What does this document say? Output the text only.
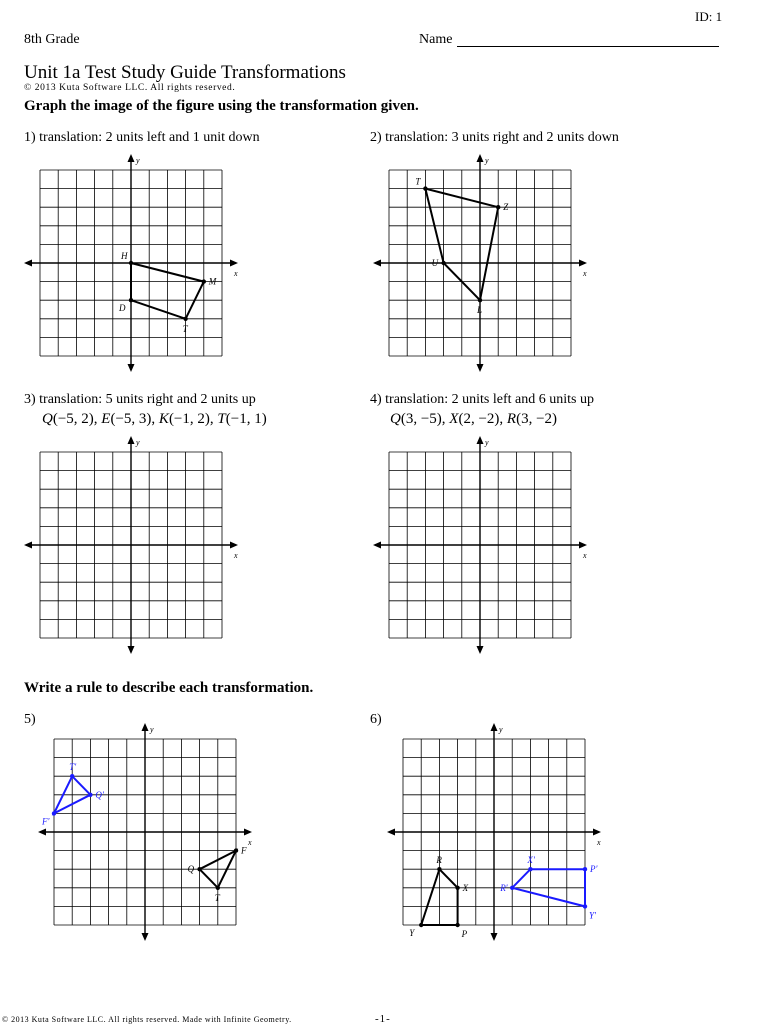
ID: 1
8th Grade	Name
Unit 1a Test Study Guide Transformations
© 2013 Kuta Software LLC. All rights reserved.
Graph the image of the figure using the transformation given.
1) translation: 2 units left and 1 unit down	2) translation: 3 units right and 2 units down
3) translation: 5 units right and 2 units up
Q(−5, 2), E(−5, 3), K(−1, 2), T(−1, 1)
4) translation: 2 units left and 6 units up
Q(3, −5), X(2, −2), R(3, −2)
Write a rule to describe each transformation.
5)	6)
x
y
H
M
T
D
x
y
T
Z
L
U
x
y
x
y
x
y
T'
Q'
F'
Q
F
T
x
y
R
X
P
Y
X'
P'
Y'
R'
© 2013 Kuta Software LLC. All rights reserved. Made with Infinite Geometry.	-1-
